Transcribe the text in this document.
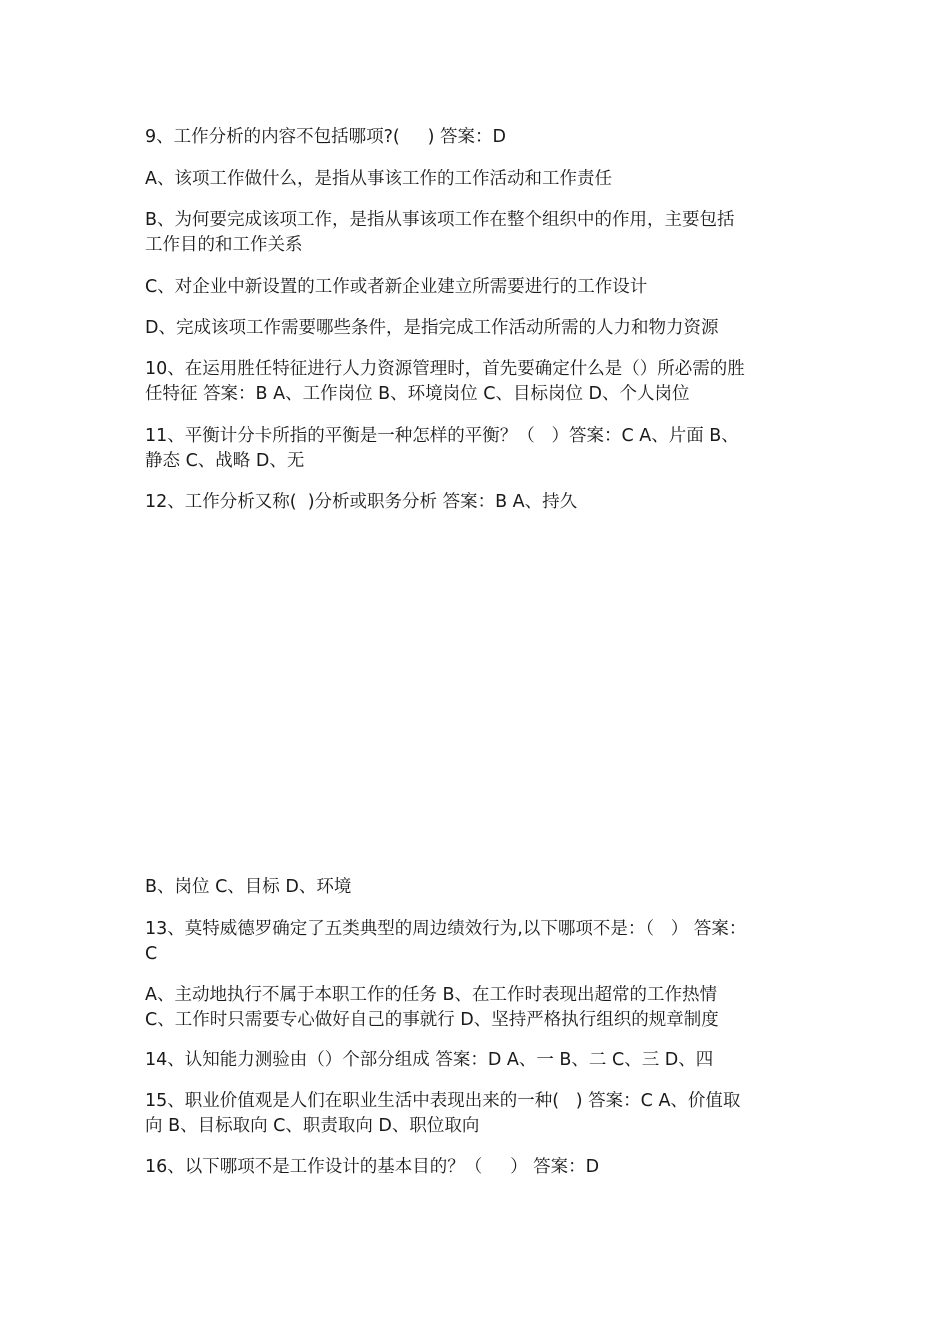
9、工作分析的内容不包括哪项?(     ) 答案：D
A、该项工作做什么，是指从事该工作的工作活动和工作责任
B、为何要完成该项工作，是指从事该项工作在整个组织中的作用，主要包括
工作目的和工作关系
C、对企业中新设置的工作或者新企业建立所需要进行的工作设计
D、完成该项工作需要哪些条件，是指完成工作活动所需的人力和物力资源
10、在运用胜任特征进行人力资源管理时，首先要确定什么是（）所必需的胜
任特征 答案：B A、工作岗位 B、环境岗位 C、目标岗位 D、个人岗位
11、平衡计分卡所指的平衡是一种怎样的平衡？（   ）答案：C A、片面 B、
静态 C、战略 D、无
12、工作分析又称(  )分析或职务分析 答案：B A、持久
B、岗位 C、目标 D、环境
13、莫特威德罗确定了五类典型的周边绩效行为,以下哪项不是：（   ） 答案：
C
A、主动地执行不属于本职工作的任务 B、在工作时表现出超常的工作热情
C、工作时只需要专心做好自己的事就行 D、坚持严格执行组织的规章制度
14、认知能力测验由（）个部分组成 答案：D A、一 B、二 C、三 D、四
15、职业价值观是人们在职业生活中表现出来的一种(   ) 答案：C A、价值取
向 B、目标取向 C、职责取向 D、职位取向
16、以下哪项不是工作设计的基本目的？（     ） 答案：D
